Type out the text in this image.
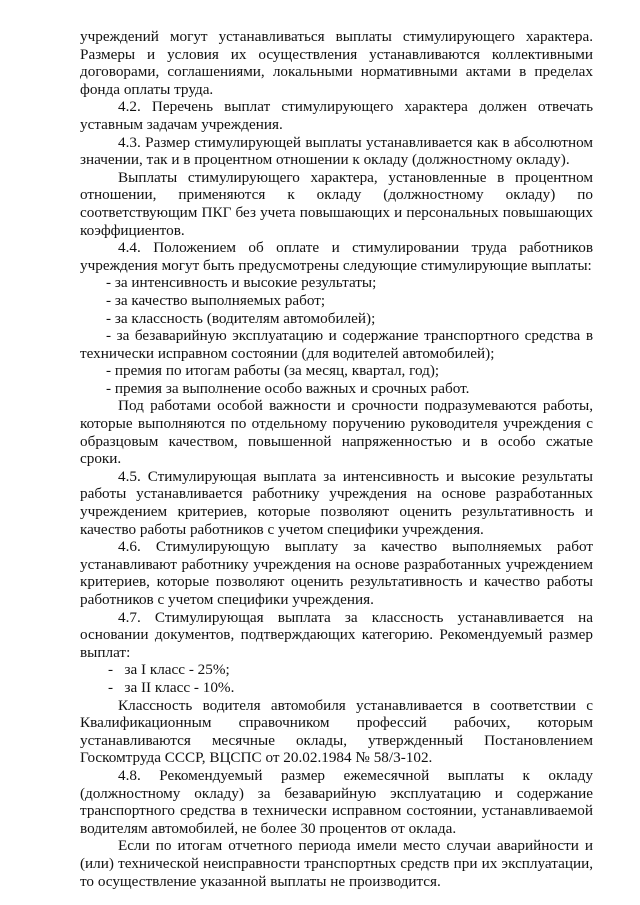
учреждений могут устанавливаться выплаты стимулирующего характера. Размеры и условия их осуществления устанавливаются коллективными договорами, соглашениями, локальными нормативными актами в пределах фонда оплаты труда.

4.2. Перечень выплат стимулирующего характера должен отвечать уставным задачам учреждения.

4.3. Размер стимулирующей выплаты устанавливается как в абсолютном значении, так и в процентном отношении к окладу (должностному окладу).

Выплаты стимулирующего характера, установленные в процентном отношении, применяются к окладу (должностному окладу) по соответствующим ПКГ без учета повышающих и персональных повышающих коэффициентов.

4.4. Положением об оплате и стимулировании труда работников учреждения могут быть предусмотрены следующие стимулирующие выплаты:

- за интенсивность и высокие результаты;

- за качество выполняемых работ;

- за классность (водителям автомобилей);

- за безаварийную эксплуатацию и содержание транспортного средства в технически исправном состоянии (для водителей автомобилей);

- премия по итогам работы (за месяц, квартал, год);

- премия за выполнение особо важных и срочных работ.

Под работами особой важности и срочности подразумеваются работы, которые выполняются по отдельному поручению руководителя учреждения с образцовым качеством, повышенной напряженностью и в особо сжатые сроки.

4.5. Стимулирующая выплата за интенсивность и высокие результаты работы устанавливается работнику учреждения на основе разработанных учреждением критериев, которые позволяют оценить результативность и качество работы работников с учетом специфики учреждения.

4.6. Стимулирующую выплату за качество выполняемых работ устанавливают работнику учреждения на основе разработанных учреждением критериев, которые позволяют оценить результативность и качество работы работников с учетом специфики учреждения.

4.7. Стимулирующая выплата за классность устанавливается на основании документов, подтверждающих категорию. Рекомендуемый размер выплат:

-   за I класс - 25%;

-   за II класс - 10%.

Классность водителя автомобиля устанавливается в соответствии с Квалификационным справочником профессий рабочих, которым устанавливаются месячные оклады, утвержденный Постановлением Госкомтруда СССР, ВЦСПС от 20.02.1984 № 58/3-102.

4.8. Рекомендуемый размер ежемесячной выплаты к окладу (должностному окладу) за безаварийную эксплуатацию и содержание транспортного средства в технически исправном состоянии, устанавливаемой водителям автомобилей, не более 30 процентов от оклада.

Если по итогам отчетного периода имели место случаи аварийности и (или) технической неисправности транспортных средств при их эксплуатации, то осуществление указанной выплаты не производится.
